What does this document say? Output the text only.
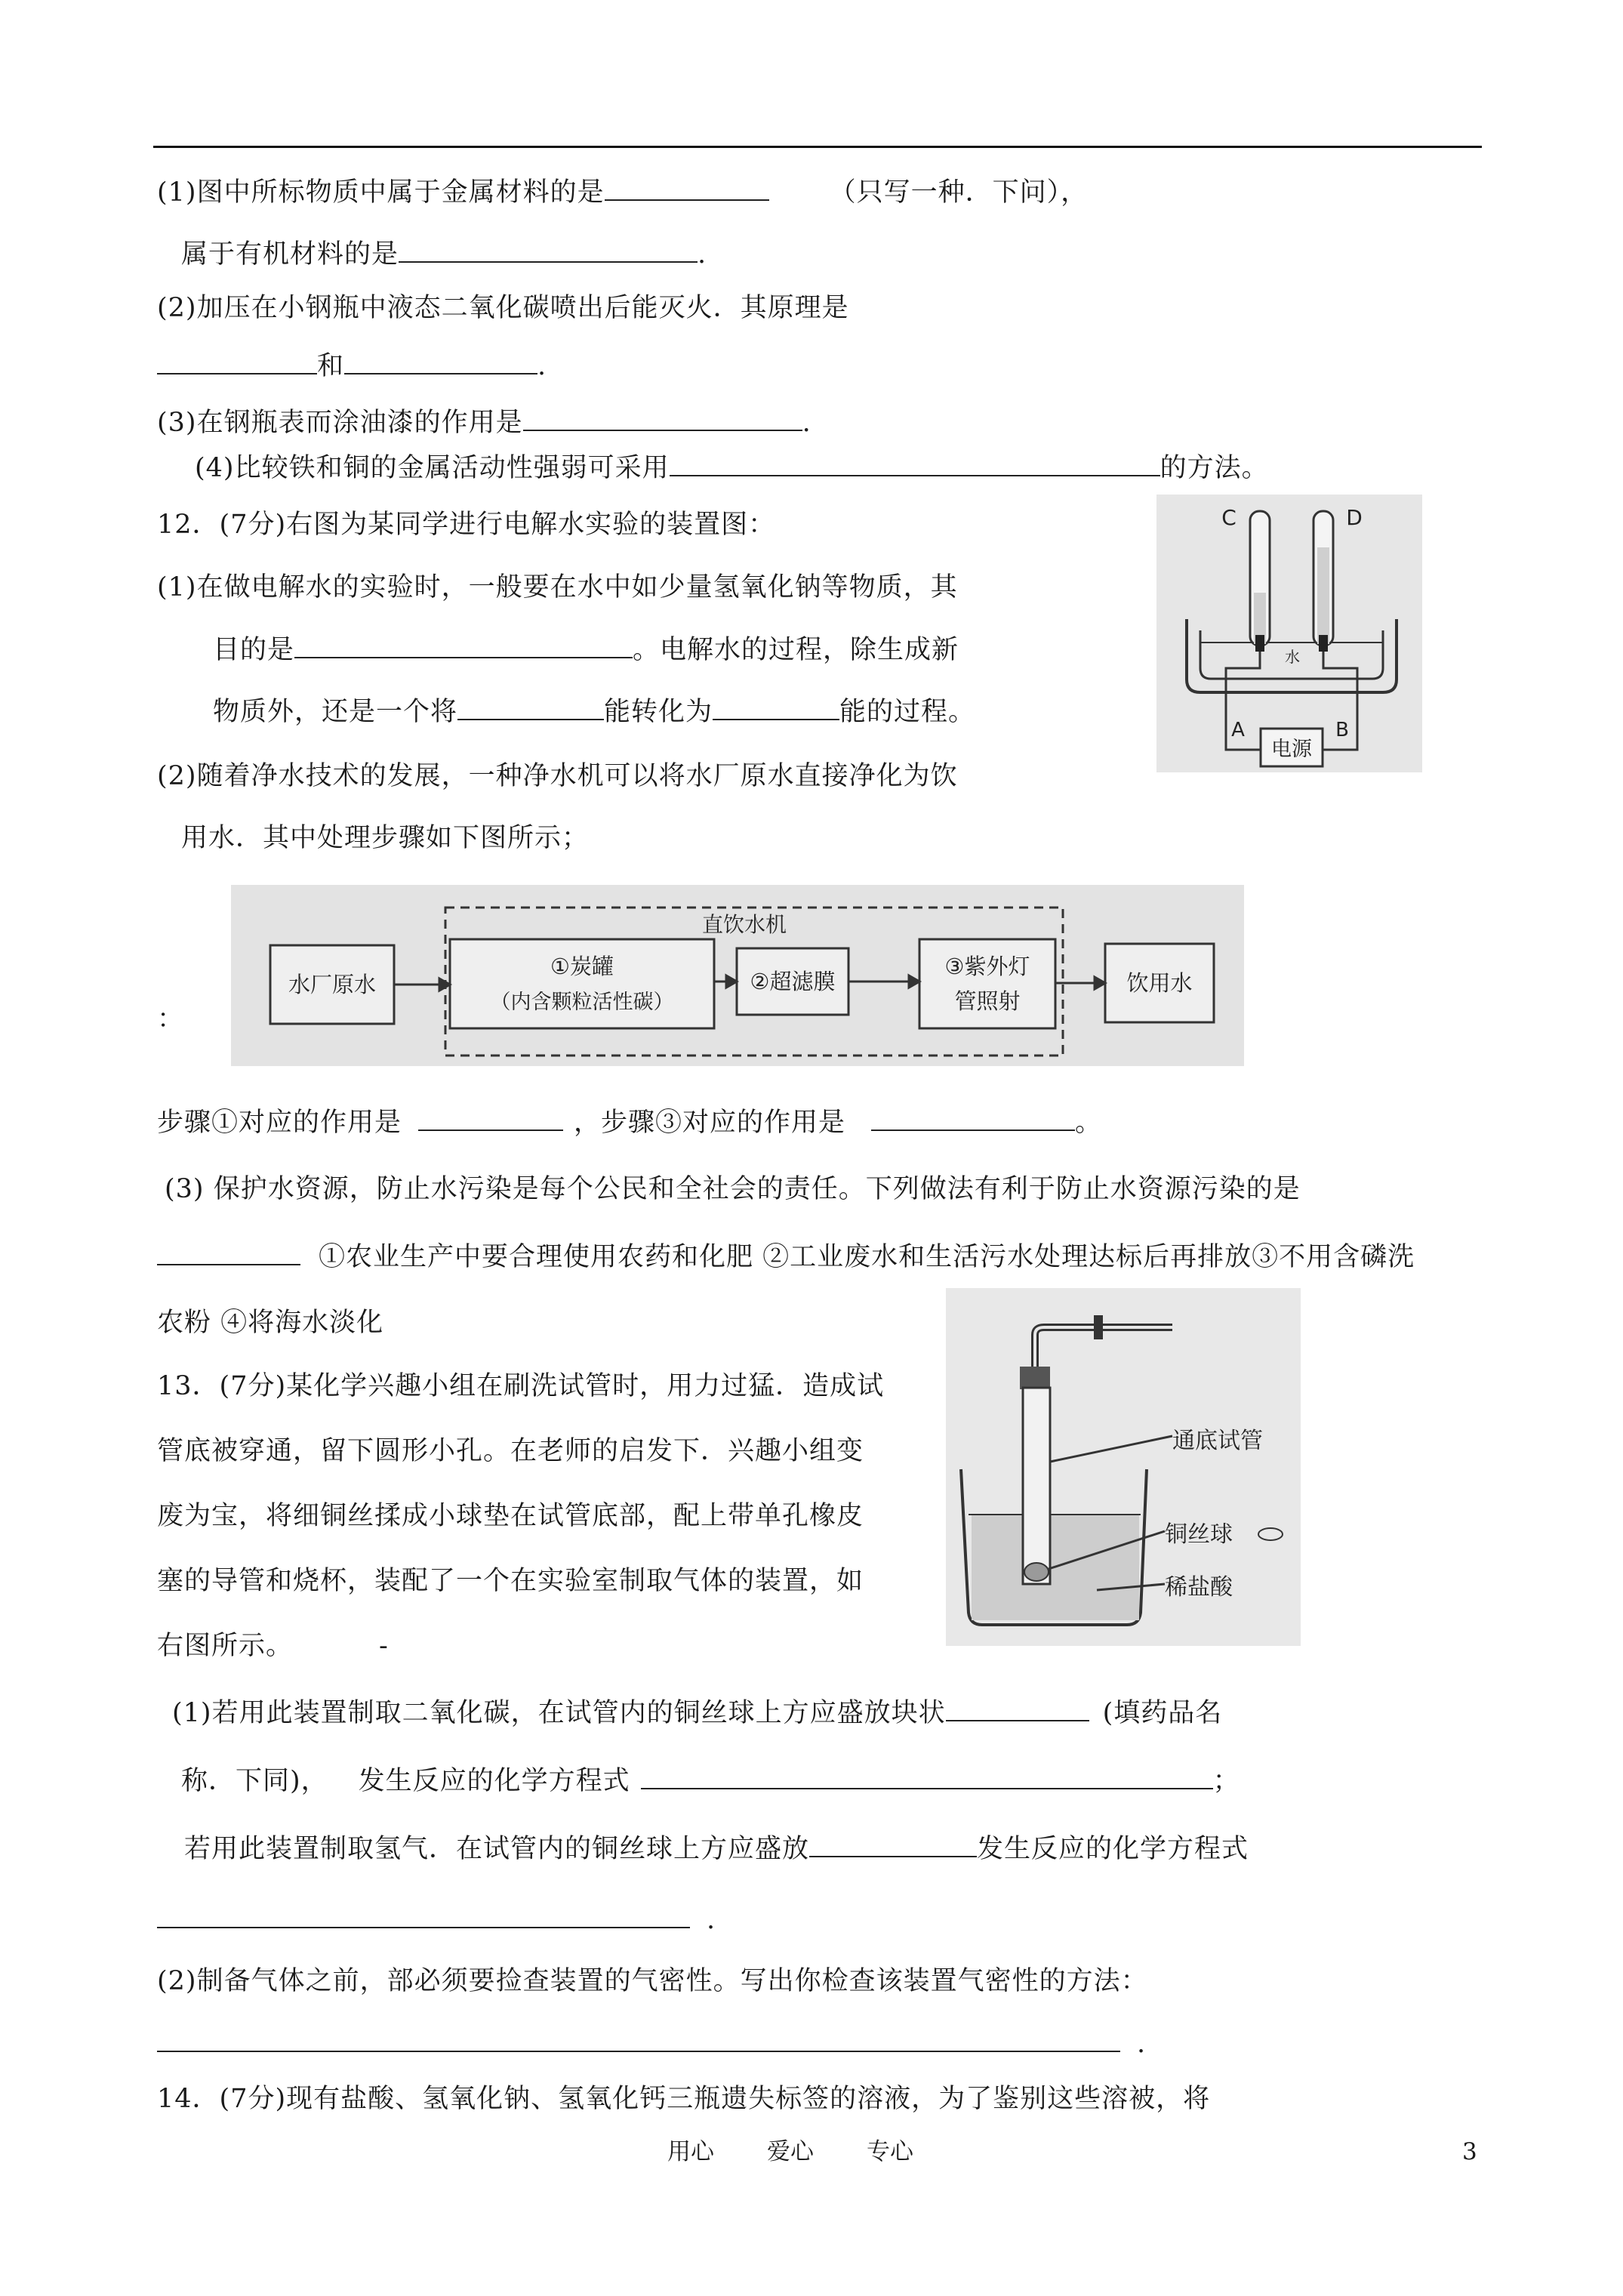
(1)图中所标物质中属于金属材料的是	（只写一种．下问），
属于有机材料的是	.
(2)加压在小钢瓶中液态二氧化碳喷出后能灭火．其原理是
和	.
(3)在钢瓶表而涂油漆的作用是	.
(4)比较铁和铜的金属活动性强弱可采用	的方法。
12．(7分)右图为某同学进行电解水实验的装置图：
(1)在做电解水的实验时，一般要在水中如少量氢氧化钠等物质，其
目的是	。电解水的过程，除生成新
物质外，还是一个将	能转化为	能的过程。
(2)随着净水技术的发展，一种净水机可以将水厂原水直接净化为饮
用水．其中处理步骤如下图所示；
：
步骤①对应的作用是	，步骤③对应的作用是	。
(3) 保护水资源，防止水污染是每个公民和全社会的责任。下列做法有利于防止水资源污染的是
①农业生产中要合理使用农药和化肥 ②工业废水和生活污水处理达标后再排放③不用含磷洗
农粉 ④将海水淡化
13．(7分)某化学兴趣小组在刷洗试管时，用力过猛．造成试
管底被穿通，留下圆形小孔。在老师的启发下．兴趣小组变
废为宝，将细铜丝揉成小球垫在试管底部，配上带单孔橡皮
塞的导管和烧杯，装配了一个在实验室制取气体的装置，如
右图所示。	-
(1)若用此装置制取二氧化碳，在试管内的铜丝球上方应盛放块状	(填药品名
称．下同)， 发生反应的化学方程式	；
若用此装置制取氢气．在试管内的铜丝球上方应盛放	发生反应的化学方程式
.
(2)制备气体之前，部必须要捡查装置的气密性。写出你检查该装置气密性的方法：
.
14．(7分)现有盐酸、氢氧化钠、氢氧化钙三瓶遗失标签的溶液，为了鉴别这些溶被，将
电源
C	D
A	B
水
直饮水机
水厂原水
①炭罐
（内含颗粒活性碳）
②超滤膜
③紫外灯
管照射
饮用水
通底试管
铜丝球
稀盐酸
用心 爱心 专心	3
